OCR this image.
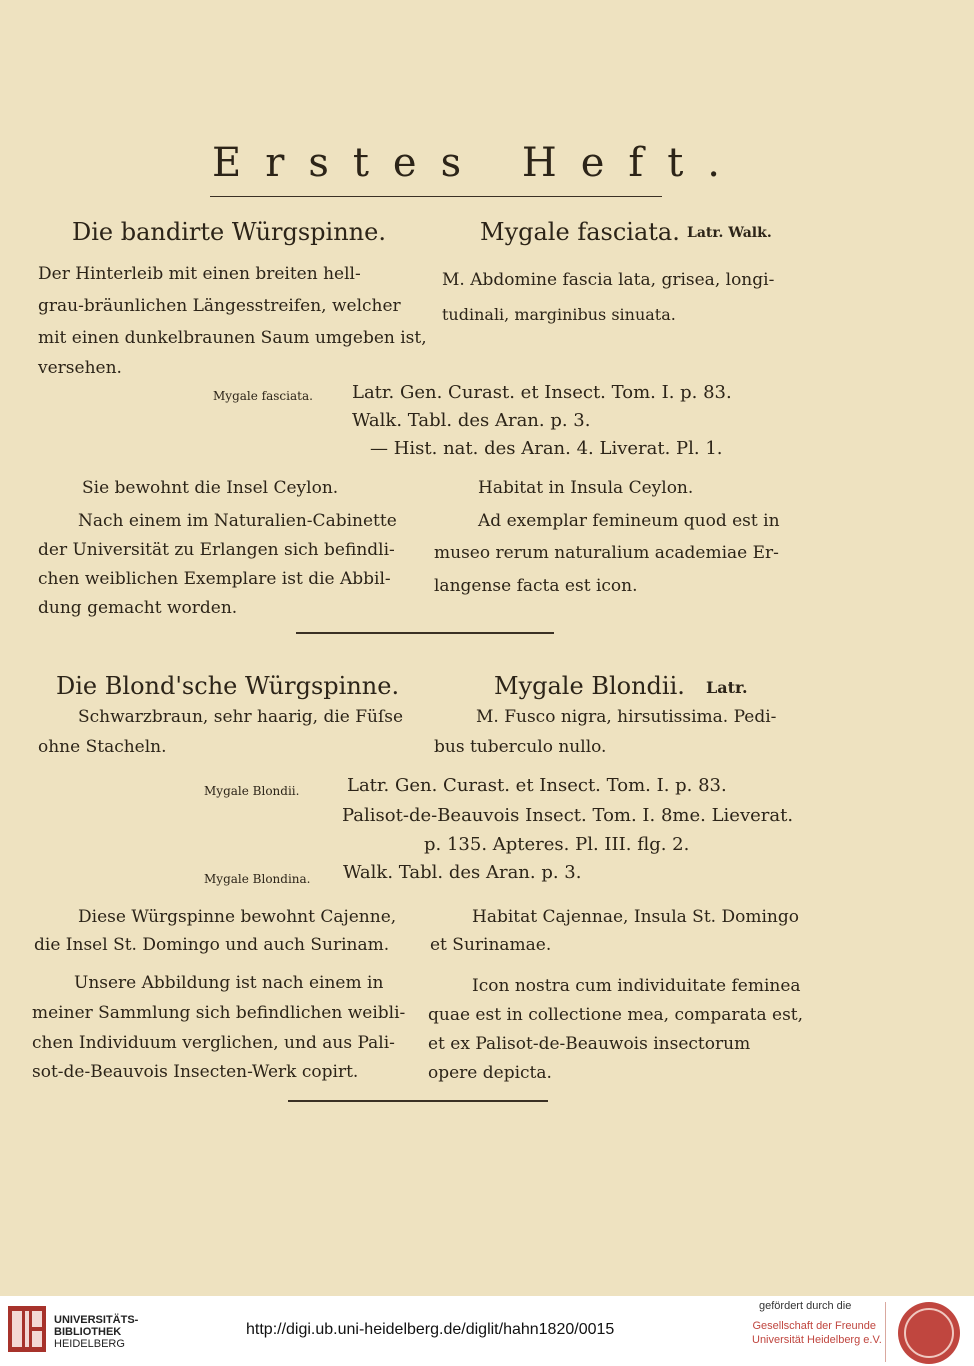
Erstes Heft.
Die bandirte Würgspinne.	Mygale fasciata. Latr. Walk.
Der Hinterleib mit einen breiten hell-
grau-bräunlichen Längesstreifen, welcher
mit einen dunkelbraunen Saum umgeben ist,
versehen.
M. Abdomine fascia lata, grisea, longi-
tudinali, marginibus sinuata.
Mygale fasciata. Latr. Gen. Curast. et Insect. Tom. I. p. 83.
Walk. Tabl. des Aran. p. 3.
— Hist. nat. des Aran. 4. Liverat. Pl. 1.
Sie bewohnt die Insel Ceylon.	Habitat in Insula Ceylon.
Nach einem im Naturalien-Cabinette
der Universität zu Erlangen sich befindli-
chen weiblichen Exemplare ist die Abbil-
dung gemacht worden.
Ad exemplar femineum quod est in
museo rerum naturalium academiae Er-
langense facta est icon.
Die Blond'sche Würgspinne.	Mygale Blondii. Latr.
Schwarzbraun, sehr haarig, die Füſse
ohne Stacheln.
M. Fusco nigra, hirsutissima. Pedi-
bus tuberculo nullo.
Mygale Blondii.	Latr. Gen. Curast. et Insect. Tom. I. p. 83.
Palisot-de-Beauvois Insect. Tom. I. 8me. Lieverat.
p. 135. Apteres. Pl. III. flg. 2.
Mygale Blondina. Walk. Tabl. des Aran. p. 3.
Diese Würgspinne bewohnt Cajenne,
die Insel St. Domingo und auch Surinam.
Habitat Cajennae, Insula St. Domingo
et Surinamae.
Unsere Abbildung ist nach einem in
meiner Sammlung sich befindlichen weibli-
chen Individuum verglichen, und aus Pali-
sot-de-Beauvois Insecten-Werk copirt.
Icon nostra cum individuitate feminea
quae est in collectione mea, comparata est,
et ex Palisot-de-Beauwois insectorum
opere depicta.
UNIVERSITÄTS-
BIBLIOTHEK
HEIDELBERG
http://digi.ub.uni-heidelberg.de/diglit/hahn1820/0015
gefördert durch die
Gesellschaft der Freunde
Universität Heidelberg e.V.
